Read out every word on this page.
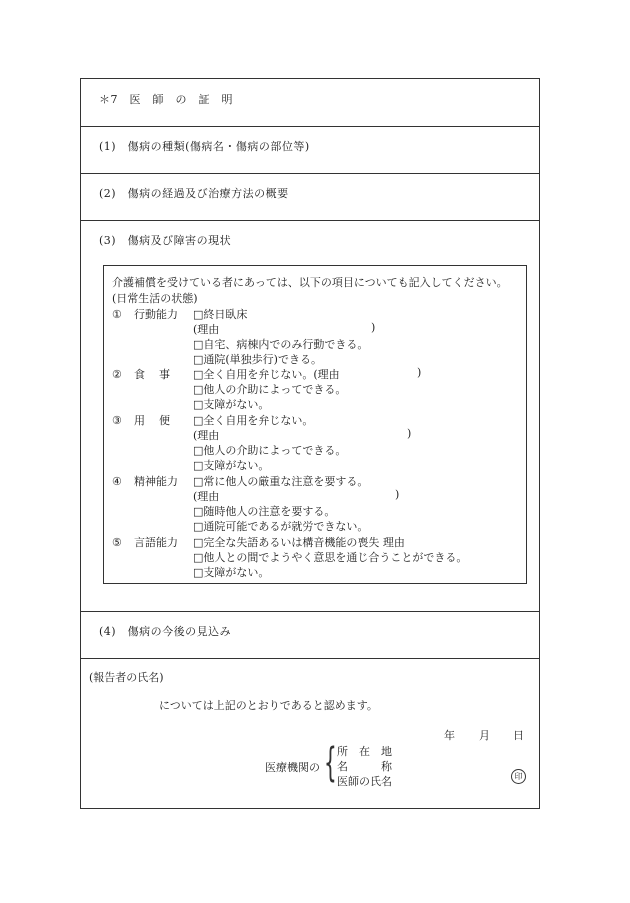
＊7　医　師　の　証　明
(1)　傷病の種類(傷病名・傷病の部位等)
(2)　傷病の経過及び治療方法の概要
(3)　傷病及び障害の現状
介護補償を受けている者にあっては、以下の項目についても記入してください。
(日常生活の状態)
① 行動能力	□終日臥床
(理由	)
□自宅、病棟内でのみ行動できる。
□通院(単独歩行)できる。
② 食事 □全く自用を弁じない。(理由	)
□他人の介助によってできる。
□支障がない。
③ 用便 □全く自用を弁じない。
(理由	)
□他人の介助によってできる。
□支障がない。
④ 精神能力	□常に他人の厳重な注意を要する。
(理由	)
□随時他人の注意を要する。
□通院可能であるが就労できない。
⑤ 言語能力	□完全な失語あるいは構音機能の喪失 理由
□他人との間でようやく意思を通じ合うことができる。
□支障がない。
(4)　傷病の今後の見込み
(報告者の氏名)
については上記のとおりであると認めます。
年 月 日
医療機関の { 所　在　地
名　　　称
医師の氏名	印
